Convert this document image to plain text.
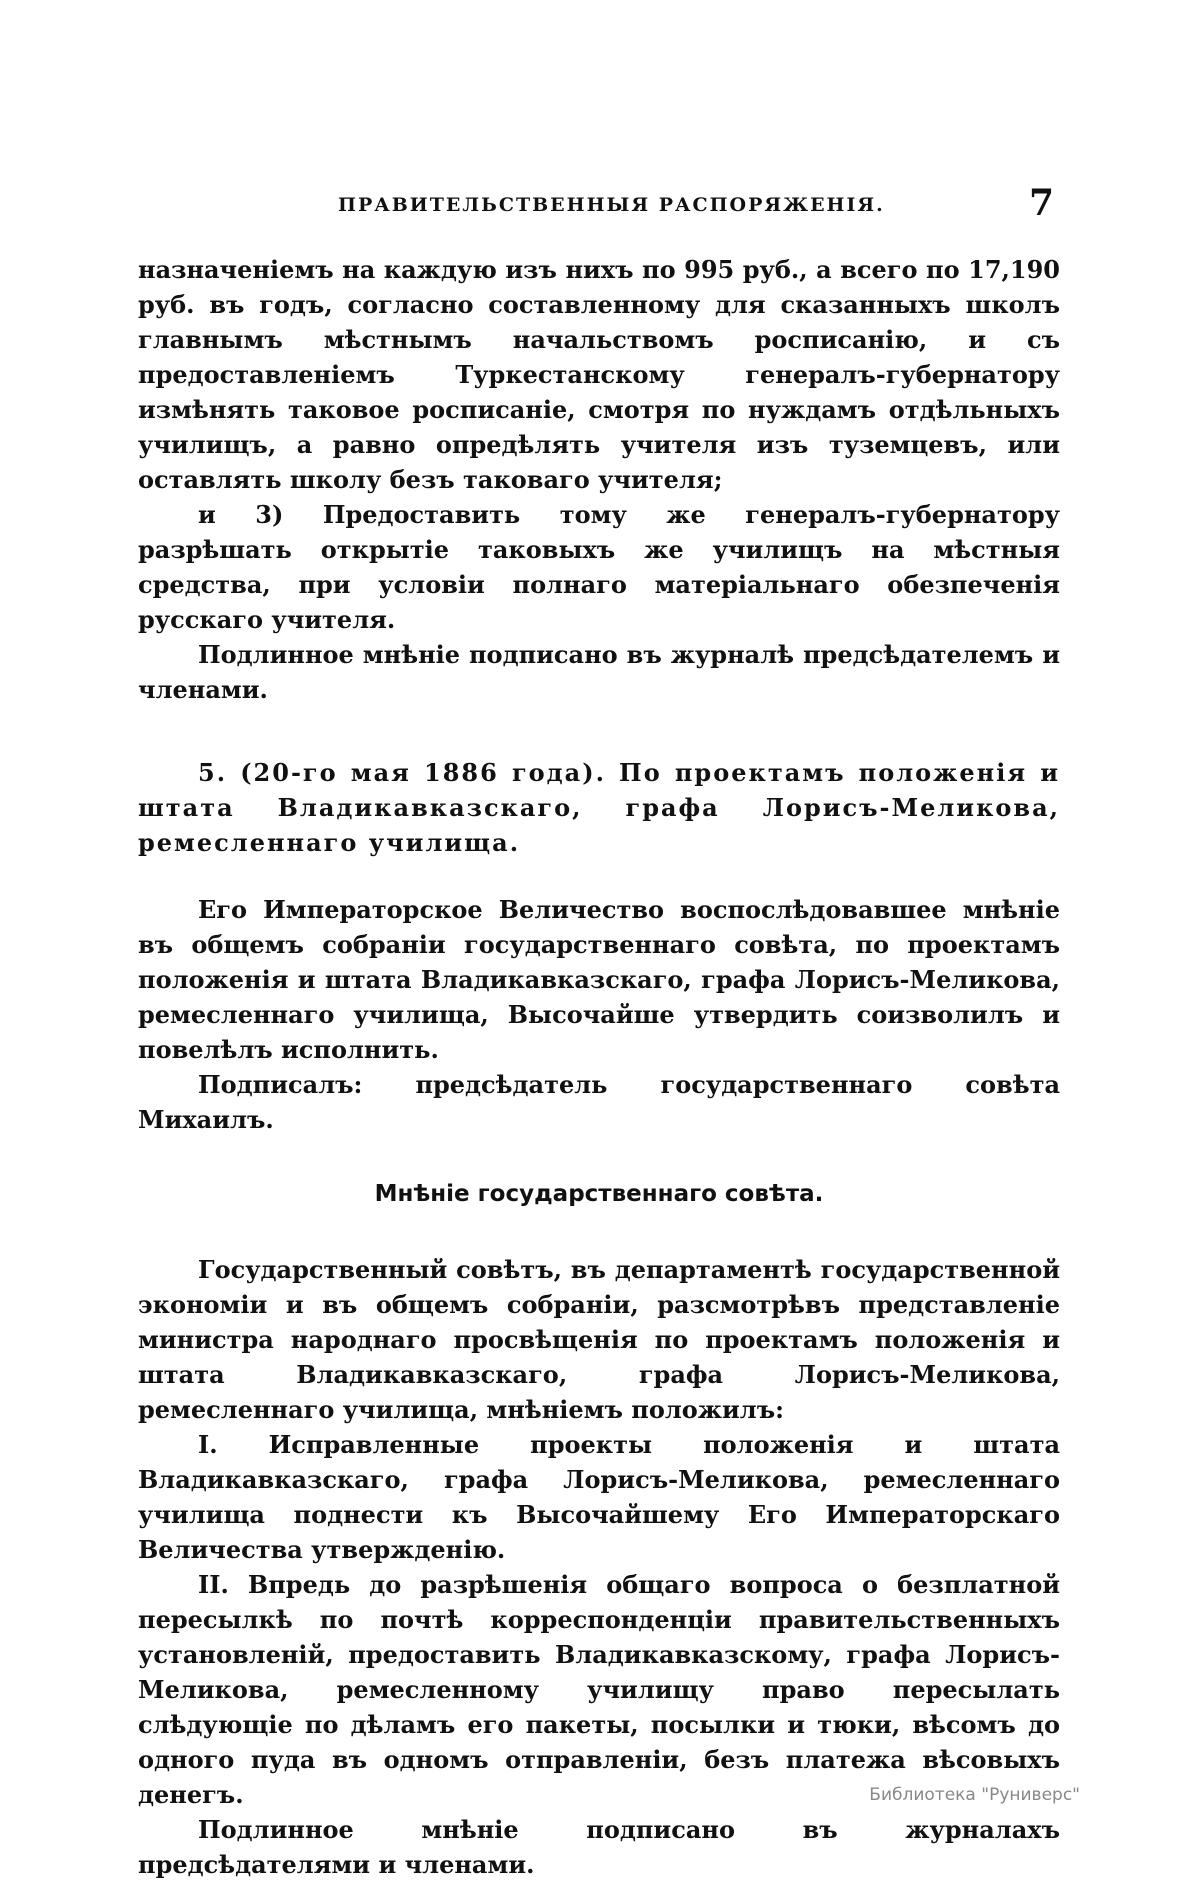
ПРАВИТЕЛЬСТВЕННЫЯ РАСПОРЯЖЕНІЯ.	7

назначеніемъ на каждую изъ нихъ по 995 руб., а всего по 17,190 руб. въ годъ, согласно составленному для сказанныхъ школъ главнымъ мѣстнымъ начальствомъ росписанію, и съ предоставленіемъ Туркестанскому генералъ-губернатору измѣнять таковое росписаніе, смотря по нуждамъ отдѣльныхъ училищъ, а равно опредѣлять учителя изъ туземцевъ, или оставлять школу безъ таковаго учителя;

и 3) Предоставить тому же генералъ-губернатору разрѣшать открытіе таковыхъ же училищъ на мѣстныя средства, при условіи полнаго матеріальнаго обезпеченія русскаго учителя.

Подлинное мнѣніе подписано въ журналѣ предсѣдателемъ и членами.

5. (20-го мая 1886 года). По проектамъ положенія и штата Владикавказскаго, графа Лорисъ-Меликова, ремесленнаго училища.

Его Императорское Величество воспослѣдовавшее мнѣніе въ общемъ собраніи государственнаго совѣта, по проектамъ положенія и штата Владикавказскаго, графа Лорисъ-Меликова, ремесленнаго училища, Высочайше утвердить соизволилъ и повелѣлъ исполнить.

Подписалъ: предсѣдатель государственнаго совѣта Михаилъ.

Мнѣніе государственнаго совѣта.

Государственный совѣтъ, въ департаментѣ государственной экономіи и въ общемъ собраніи, разсмотрѣвъ представленіе министра народнаго просвѣщенія по проектамъ положенія и штата Владикавказскаго, графа Лорисъ-Меликова, ремесленнаго училища, мнѣніемъ положилъ:

I. Исправленные проекты положенія и штата Владикавказскаго, графа Лорисъ-Меликова, ремесленнаго училища поднести къ Высочайшему Его Императорскаго Величества утвержденію.

II. Впредь до разрѣшенія общаго вопроса о безплатной пересылкѣ по почтѣ корреспонденціи правительственныхъ установленій, предоставить Владикавказскому, графа Лорисъ-Меликова, ремесленному училищу право пересылать слѣдующіе по дѣламъ его пакеты, посылки и тюки, вѣсомъ до одного пуда въ одномъ отправленіи, безъ платежа вѣсовыхъ денегъ.

Подлинное мнѣніе подписано въ журналахъ предсѣдателями и членами.

Библиотека "Руниверс"
